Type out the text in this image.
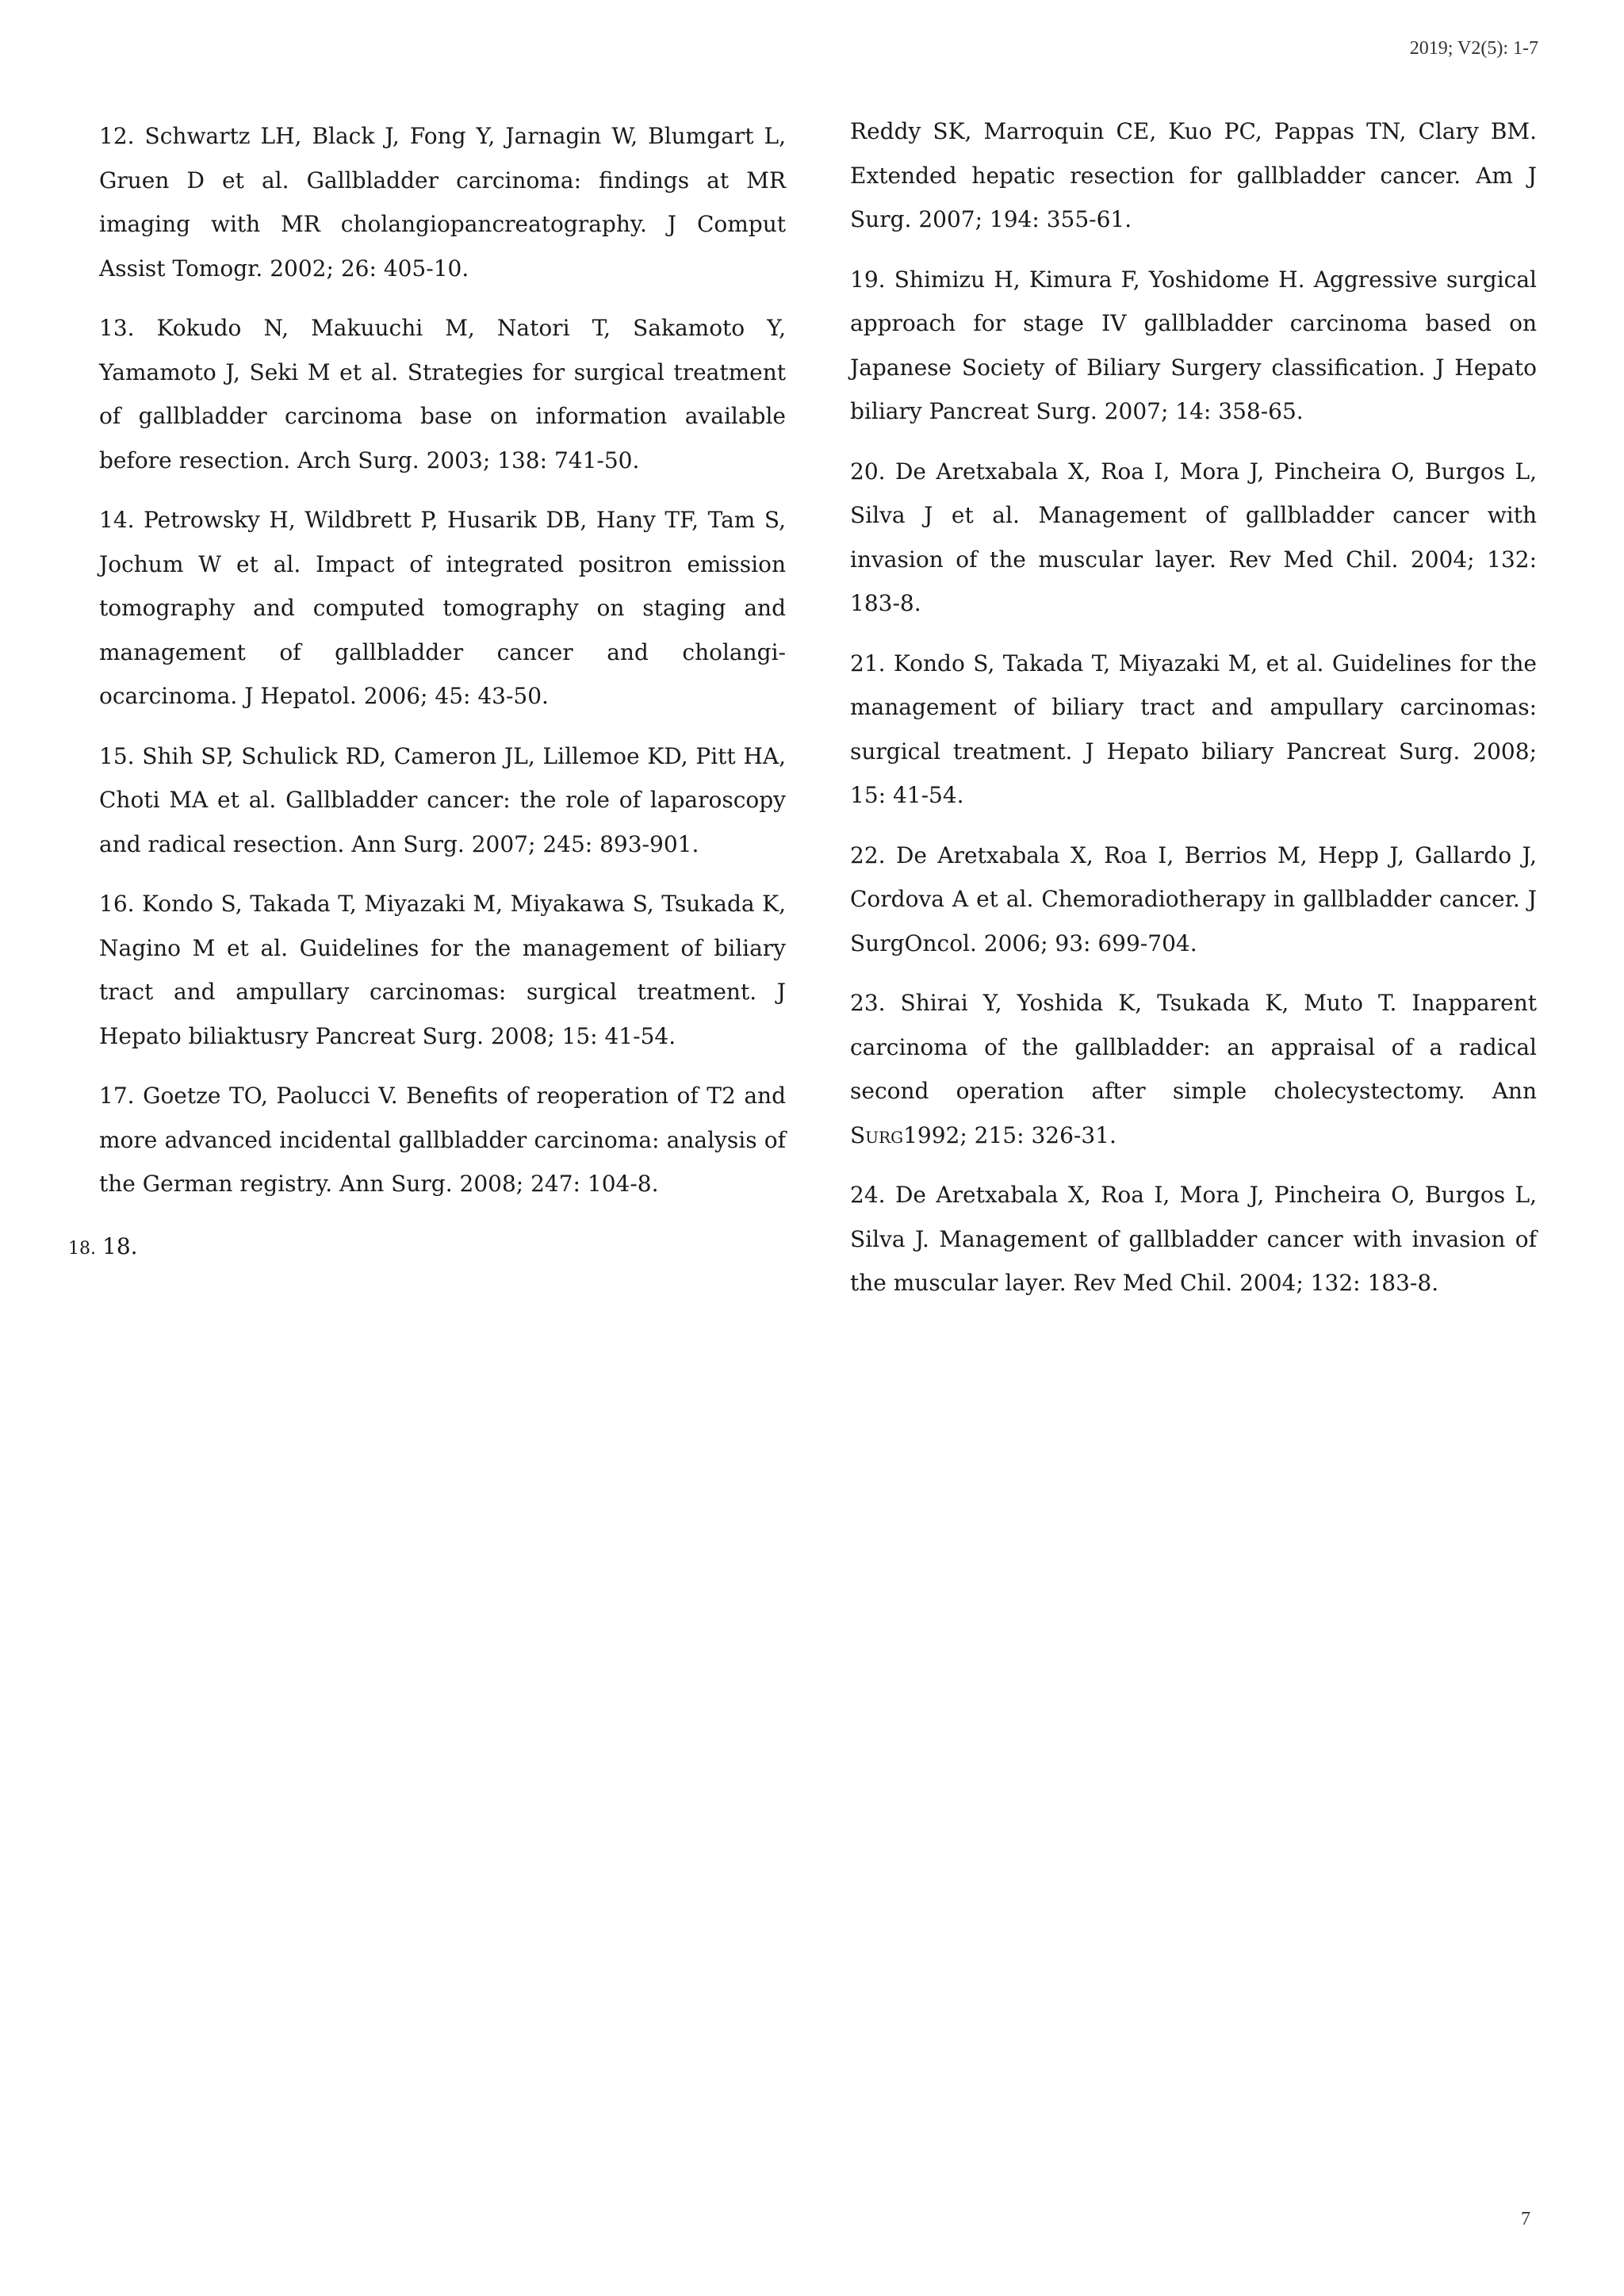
2019; V2(5): 1-7

12. Schwartz LH, Black J, Fong Y, Jarnagin W, Blumgart L, Gruen D et al. Gallbladder carcinoma: findings at MR imaging with MR cholangiopancreatography. J Comput Assist Tomogr. 2002; 26: 405-10.

13. Kokudo N, Makuuchi M, Natori T, Sakamoto Y, Yamamoto J, Seki M et al. Strategies for surgical treatment of gallbladder carcinoma base on information available before resection. Arch Surg. 2003; 138: 741-50.

14. Petrowsky H, Wildbrett P, Husarik DB, Hany TF, Tam S, Jochum W et al. Impact of integrated positron emission tomography and computed tomography on staging and management of gallbladder cancer and cholangi- ocarcinoma. J Hepatol. 2006; 45: 43-50.

15. Shih SP, Schulick RD, Cameron JL, Lillemoe KD, Pitt HA, Choti MA et al. Gallbladder cancer: the role of laparoscopy and radical resection. Ann Surg. 2007; 245: 893-901.

16. Kondo S, Takada T, Miyazaki M, Miyakawa S, Tsukada K, Nagino M et al. Guidelines for the management of biliary tract and ampullary carcinomas: surgical treatment. J Hepato biliaktusry Pancreat Surg. 2008; 15: 41-54.

17. Goetze TO, Paolucci V. Benefits of reoperation of T2 and more advanced incidental gallbladder carcinoma: analysis of the German registry. Ann Surg. 2008; 247: 104-8.

18. 18.

Reddy SK, Marroquin CE, Kuo PC, Pappas TN, Clary BM. Extended hepatic resection for gallbladder cancer. Am J Surg. 2007; 194: 355-61.

19. Shimizu H, Kimura F, Yoshidome H. Aggressive surgical approach for stage IV gallbladder carcinoma based on Japanese Society of Biliary Surgery classification. J Hepato biliary Pancreat Surg. 2007; 14: 358-65.

20. De Aretxabala X, Roa I, Mora J, Pincheira O, Burgos L, Silva J et al. Management of gallbladder cancer with invasion of the muscular layer. Rev Med Chil. 2004; 132: 183-8.

21. Kondo S, Takada T, Miyazaki M, et al. Guidelines for the management of biliary tract and ampullary carcinomas: surgical treatment. J Hepato biliary Pancreat Surg. 2008; 15: 41-54.

22. De Aretxabala X, Roa I, Berrios M, Hepp J, Gallardo J, Cordova A et al. Chemoradiotherapy in gallbladder cancer. J SurgOncol. 2006; 93: 699-704.

23. Shirai Y, Yoshida K, Tsukada K, Muto T. Inapparent carcinoma of the gallbladder: an appraisal of a radical second operation after simple cholecystectomy. Ann Surg1992; 215: 326-31.

24. De Aretxabala X, Roa I, Mora J, Pincheira O, Burgos L, Silva J. Management of gallbladder cancer with invasion of the muscular layer. Rev Med Chil. 2004; 132: 183-8.

7
